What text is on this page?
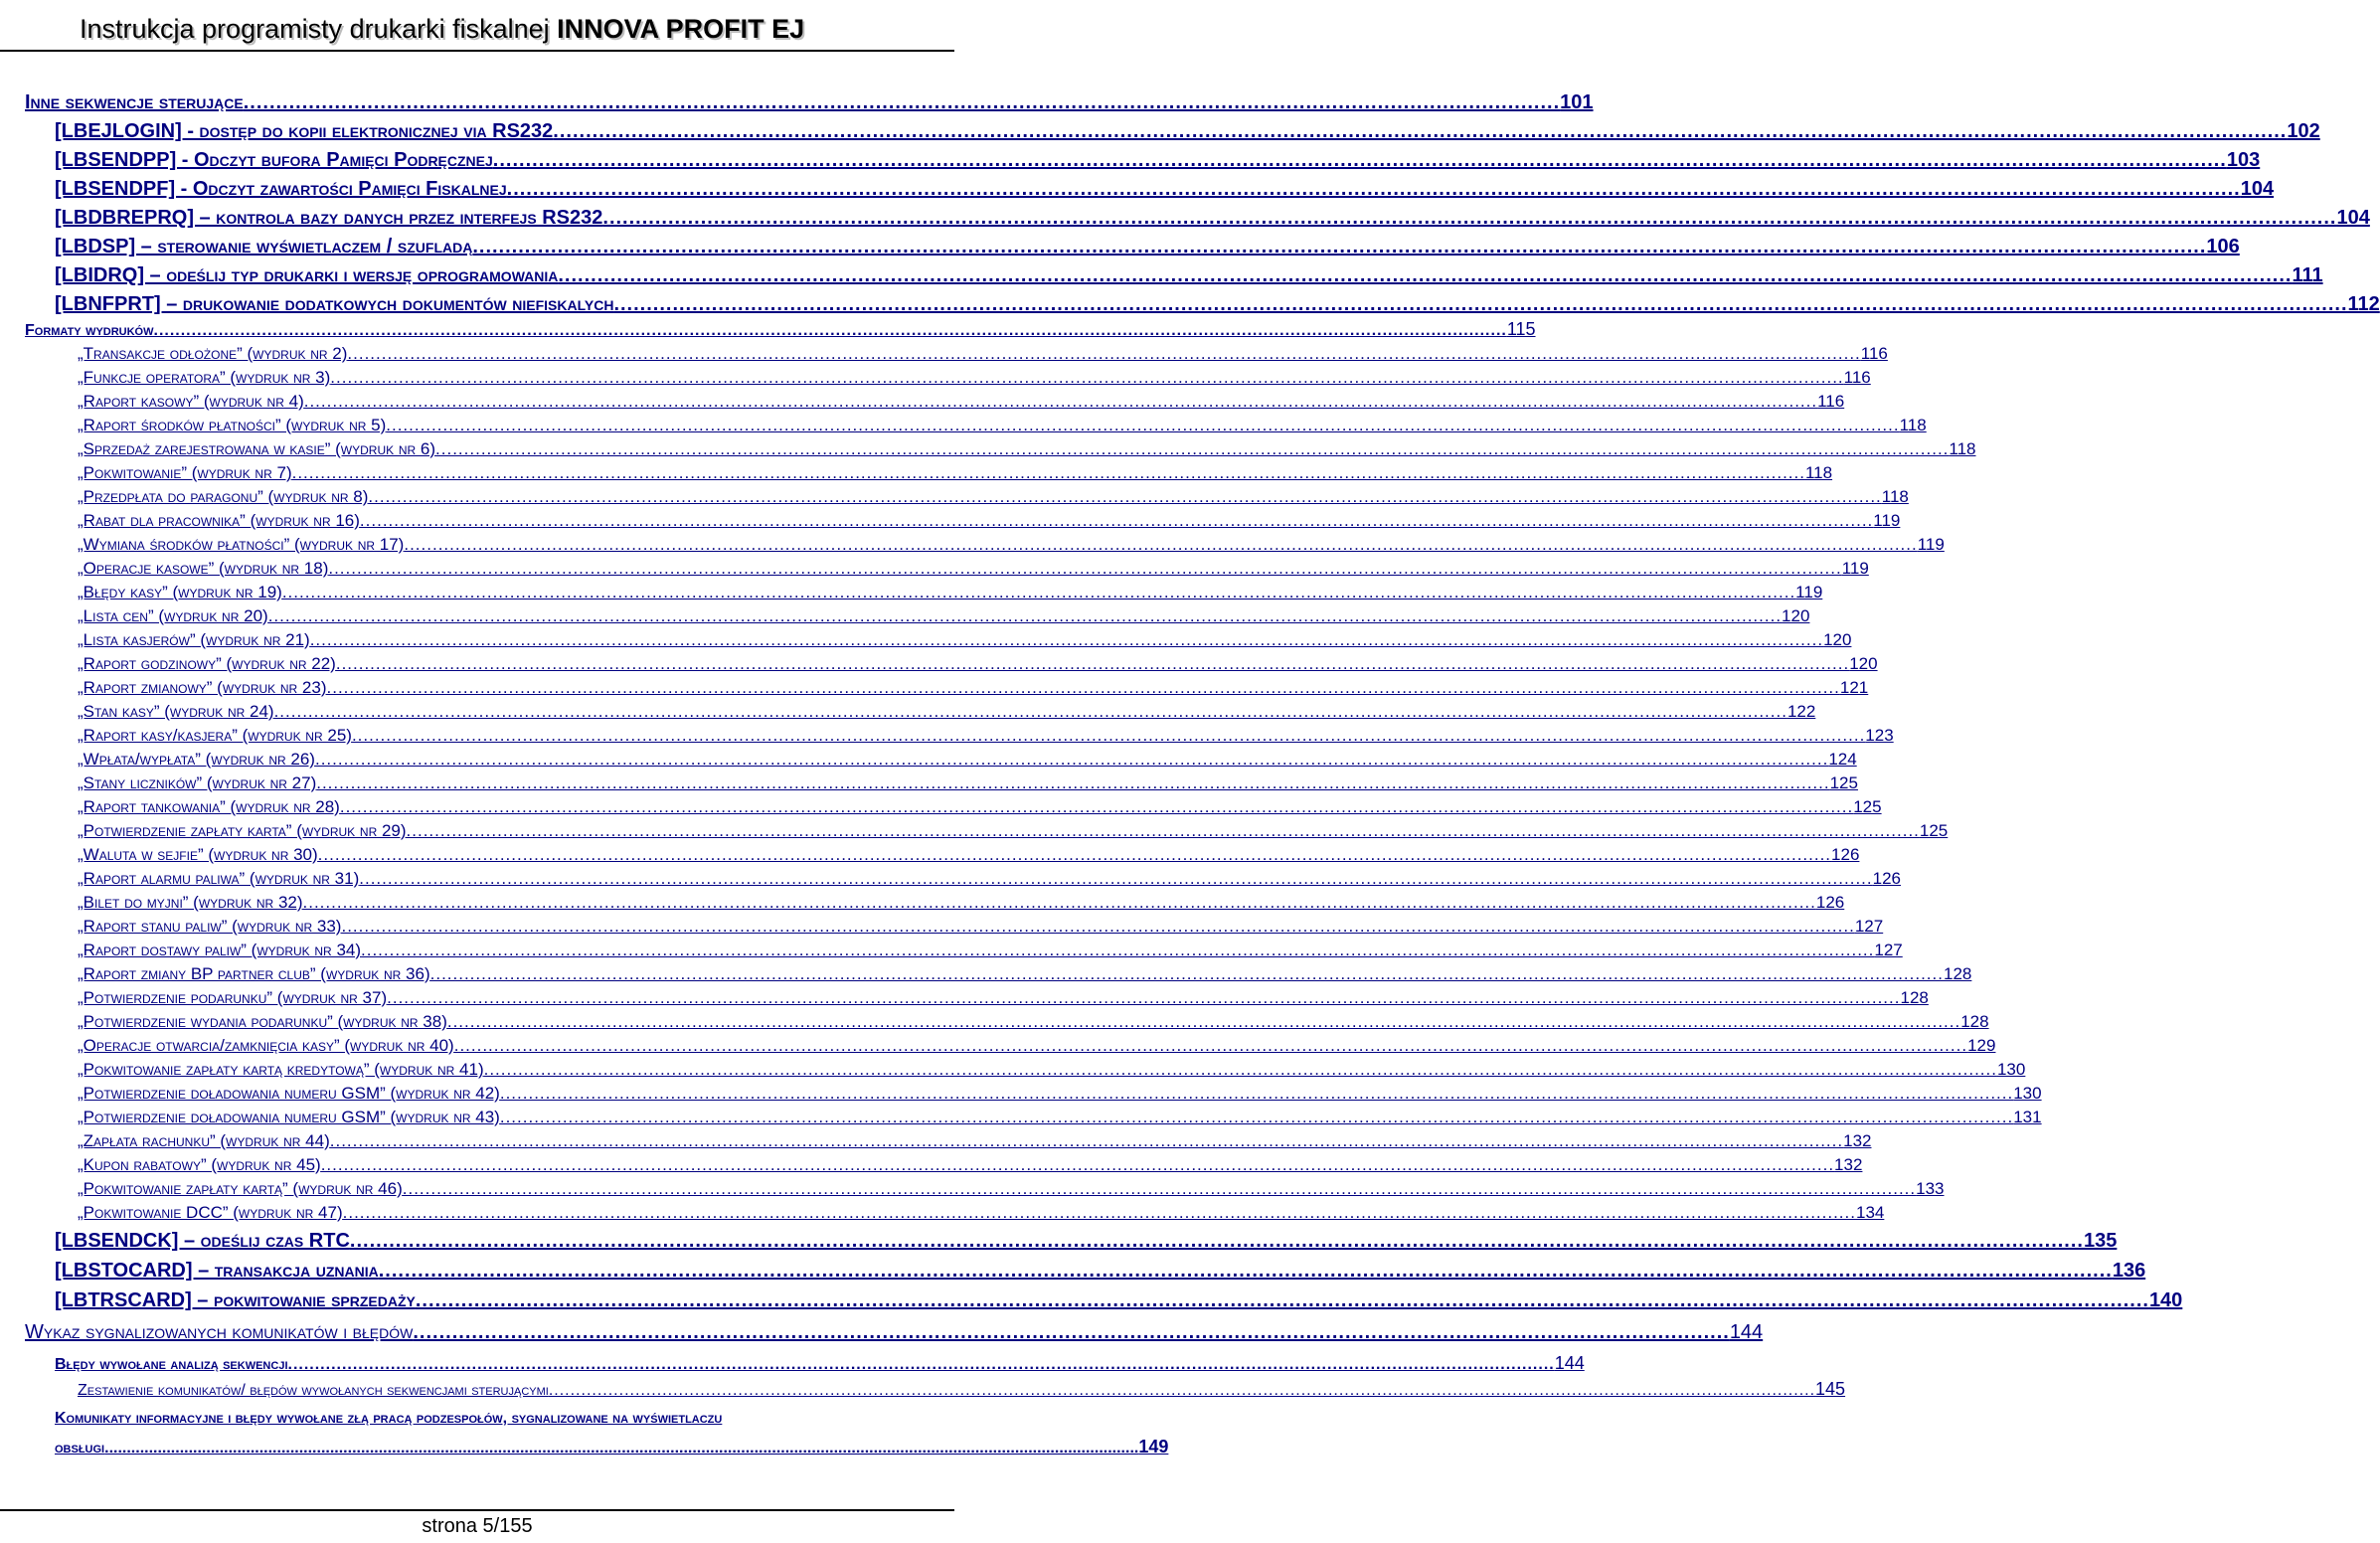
Instrukcja programisty drukarki fiskalnej INNOVA PROFIT EJ
Inne sekwencje sterujące .......................................................................................................................................................................................................... 101
[LBEJLOGIN] - dostęp do kopii elektronicznej via RS232 .......................................................................................................................................................................................................................................................................... 102
[LBSENDPP] - Odczyt bufora Pamięci Podręcznej .......................................................................................................................................................................................................................................................................... 103
[LBSENDPF] - Odczyt zawartości Pamięci Fiskalnej .......................................................................................................................................................................................................................................................................... 104
[LBDBREPRQ] – kontrola bazy danych przez interfejs RS232 .......................................................................................................................................................................................................................................................................... 104
[LBDSP] – sterowanie wyświetlaczem / szufladą .......................................................................................................................................................................................................................................................................... 106
[LBIDRQ] – odeślij typ drukarki i wersję oprogramowania .......................................................................................................................................................................................................................................................................... 111
[LBNFPRT] – drukowanie dodatkowych dokumentów niefiskalych .......................................................................................................................................................................................................................................................................... 112
Formaty wydruków .......................................................................................................................................................................................................................................................... 115
„Transakcje odłożone” (wydruk nr 2) .......................................................................................................................................................................................................................................................................... 116
„Funkcje operatora” (wydruk nr 3) .......................................................................................................................................................................................................................................................................... 116
„Raport kasowy” (wydruk nr 4) .......................................................................................................................................................................................................................................................................... 116
„Raport środków płatności” (wydruk nr 5) .......................................................................................................................................................................................................................................................................... 118
„Sprzedaż zarejestrowana w kasie” (wydruk nr 6) .......................................................................................................................................................................................................................................................................... 118
„Pokwitowanie” (wydruk nr 7) .......................................................................................................................................................................................................................................................................... 118
„Przedpłata do paragonu” (wydruk nr 8) .......................................................................................................................................................................................................................................................................... 118
„Rabat dla pracownika” (wydruk nr 16) .......................................................................................................................................................................................................................................................................... 119
„Wymiana środków płatności” (wydruk nr 17) .......................................................................................................................................................................................................................................................................... 119
„Operacje kasowe” (wydruk nr 18) .......................................................................................................................................................................................................................................................................... 119
„Błędy kasy” (wydruk nr 19) .......................................................................................................................................................................................................................................................................... 119
„Lista cen” (wydruk nr 20) .......................................................................................................................................................................................................................................................................... 120
„Lista kasjerów” (wydruk nr 21) .......................................................................................................................................................................................................................................................................... 120
„Raport godzinowy” (wydruk nr 22) .......................................................................................................................................................................................................................................................................... 120
„Raport zmianowy” (wydruk nr 23) .......................................................................................................................................................................................................................................................................... 121
„Stan kasy” (wydruk nr 24) .......................................................................................................................................................................................................................................................................... 122
„Raport kasy/kasjera” (wydruk nr 25) .......................................................................................................................................................................................................................................................................... 123
„Wpłata/wypłata” (wydruk nr 26) .......................................................................................................................................................................................................................................................................... 124
„Stany liczników” (wydruk nr 27) .......................................................................................................................................................................................................................................................................... 125
„Raport tankowania” (wydruk nr 28) .......................................................................................................................................................................................................................................................................... 125
„Potwierdzenie zapłaty karta” (wydruk nr 29) .......................................................................................................................................................................................................................................................................... 125
„Waluta w sejfie” (wydruk nr 30) .......................................................................................................................................................................................................................................................................... 126
„Raport alarmu paliwa” (wydruk nr 31) .......................................................................................................................................................................................................................................................................... 126
„Bilet do myjni” (wydruk nr 32) .......................................................................................................................................................................................................................................................................... 126
„Raport stanu paliw” (wydruk nr 33) .......................................................................................................................................................................................................................................................................... 127
„Raport dostawy paliw” (wydruk nr 34) .......................................................................................................................................................................................................................................................................... 127
„Raport zmiany BP partner club” (wydruk nr 36) .......................................................................................................................................................................................................................................................................... 128
„Potwierdzenie podarunku” (wydruk nr 37) .......................................................................................................................................................................................................................................................................... 128
„Potwierdzenie wydania podarunku” (wydruk nr 38) .......................................................................................................................................................................................................................................................................... 128
„Operacje otwarcia/zamknięcia kasy” (wydruk nr 40) .......................................................................................................................................................................................................................................................................... 129
„Pokwitowanie zapłaty kartą kredytową” (wydruk nr 41) .......................................................................................................................................................................................................................................................................... 130
„Potwierdzenie doładowania numeru GSM” (wydruk nr 42) .......................................................................................................................................................................................................................................................................... 130
„Potwierdzenie doładowania numeru GSM” (wydruk nr 43) .......................................................................................................................................................................................................................................................................... 131
„Zapłata rachunku” (wydruk nr 44) .......................................................................................................................................................................................................................................................................... 132
„Kupon rabatowy” (wydruk nr 45) .......................................................................................................................................................................................................................................................................... 132
„Pokwitowanie zapłaty kartą” (wydruk nr 46) .......................................................................................................................................................................................................................................................................... 133
„Pokwitowanie DCC” (wydruk nr 47) .......................................................................................................................................................................................................................................................................... 134
[LBSENDCK] – odeślij czas RTC .......................................................................................................................................................................................................................................................................... 135
[LBSTOCARD] – transakcja uznania .......................................................................................................................................................................................................................................................................... 136
[LBTRSCARD] – pokwitowanie sprzedaży .......................................................................................................................................................................................................................................................................... 140
Wykaz sygnalizowanych komunikatów i błędów .......................................................................................................................................................................................................... 144
Błędy wywołane analizą sekwencji .......................................................................................................................................................................................................................................... 144
Zestawienie komunikatów/ błędów wywołanych sekwencjami sterującymi .......................................................................................................................................................................................................................................... 145
Komunikaty informacyjne i błędy wywołane złą pracą podzespołów, sygnalizowane na wyświetlaczu
obsługi .......................................................................................................................................................................................................................................... 149
strona 5/155
